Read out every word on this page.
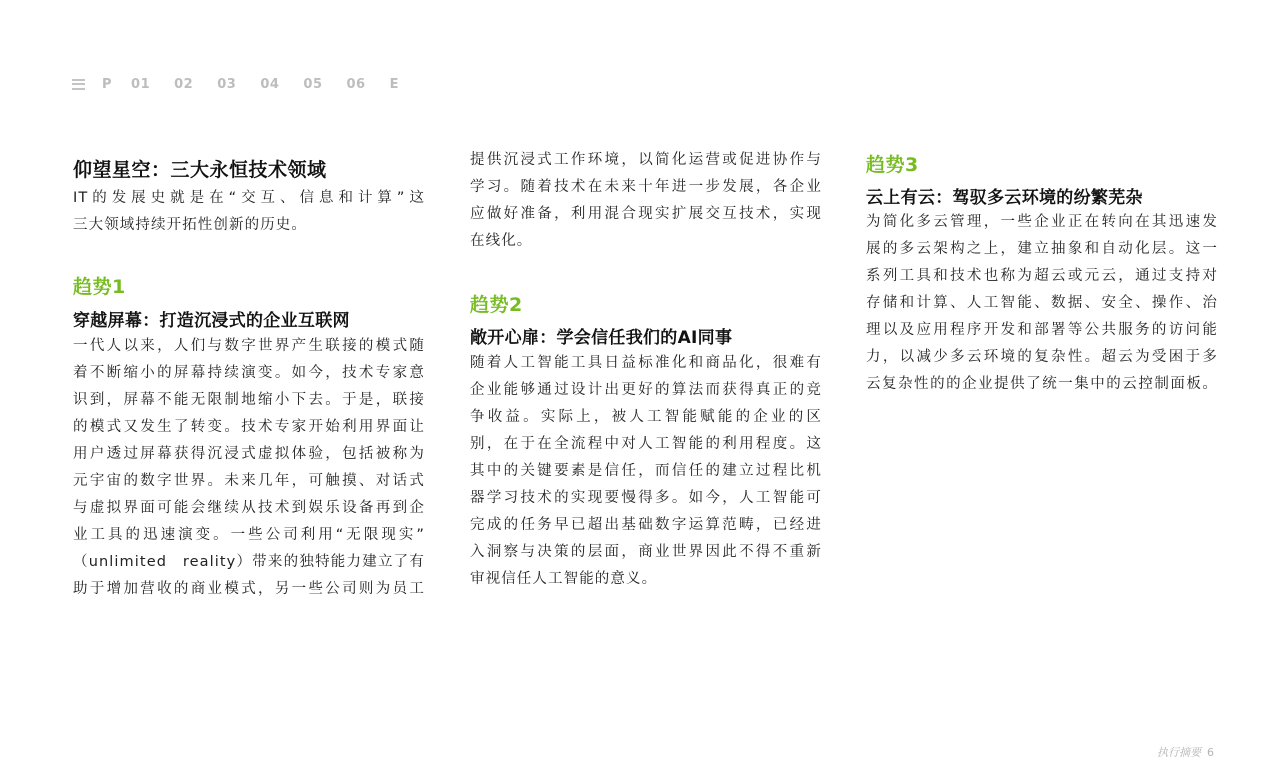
P 01 02 03 04 05 06 E
仰望星空：三大永恒技术领域
IT的发展史就是在“交互、信息和计算”这
三大领域持续开拓性创新的历史。
趋势1
穿越屏幕：打造沉浸式的企业互联网
一代人以来，人们与数字世界产生联接的模式随
着不断缩小的屏幕持续演变。如今，技术专家意
识到，屏幕不能无限制地缩小下去。于是，联接
的模式又发生了转变。技术专家开始利用界面让
用户透过屏幕获得沉浸式虚拟体验，包括被称为
元宇宙的数字世界。未来几年，可触摸、对话式
与虚拟界面可能会继续从技术到娱乐设备再到企
业工具的迅速演变。一些公司利用“无限现实”
（unlimited　reality）带来的独特能力建立了有
助于增加营收的商业模式，另一些公司则为员工
提供沉浸式工作环境，以简化运营或促进协作与
学习。随着技术在未来十年进一步发展，各企业
应做好准备，利用混合现实扩展交互技术，实现
在线化。
趋势2
敞开心扉：学会信任我们的AI同事
随着人工智能工具日益标准化和商品化，很难有
企业能够通过设计出更好的算法而获得真正的竞
争收益。实际上，被人工智能赋能的企业的区
别，在于在全流程中对人工智能的利用程度。这
其中的关键要素是信任，而信任的建立过程比机
器学习技术的实现要慢得多。如今，人工智能可
完成的任务早已超出基础数字运算范畴，已经进
入洞察与决策的层面，商业世界因此不得不重新
审视信任人工智能的意义。
趋势3
云上有云：驾驭多云环境的纷繁芜杂
为简化多云管理，一些企业正在转向在其迅速发
展的多云架构之上，建立抽象和自动化层。这一
系列工具和技术也称为超云或元云，通过支持对
存储和计算、人工智能、数据、安全、操作、治
理以及应用程序开发和部署等公共服务的访问能
力，以减少多云环境的复杂性。超云为受困于多
云复杂性的的企业提供了统一集中的云控制面板。
执行摘要 6
